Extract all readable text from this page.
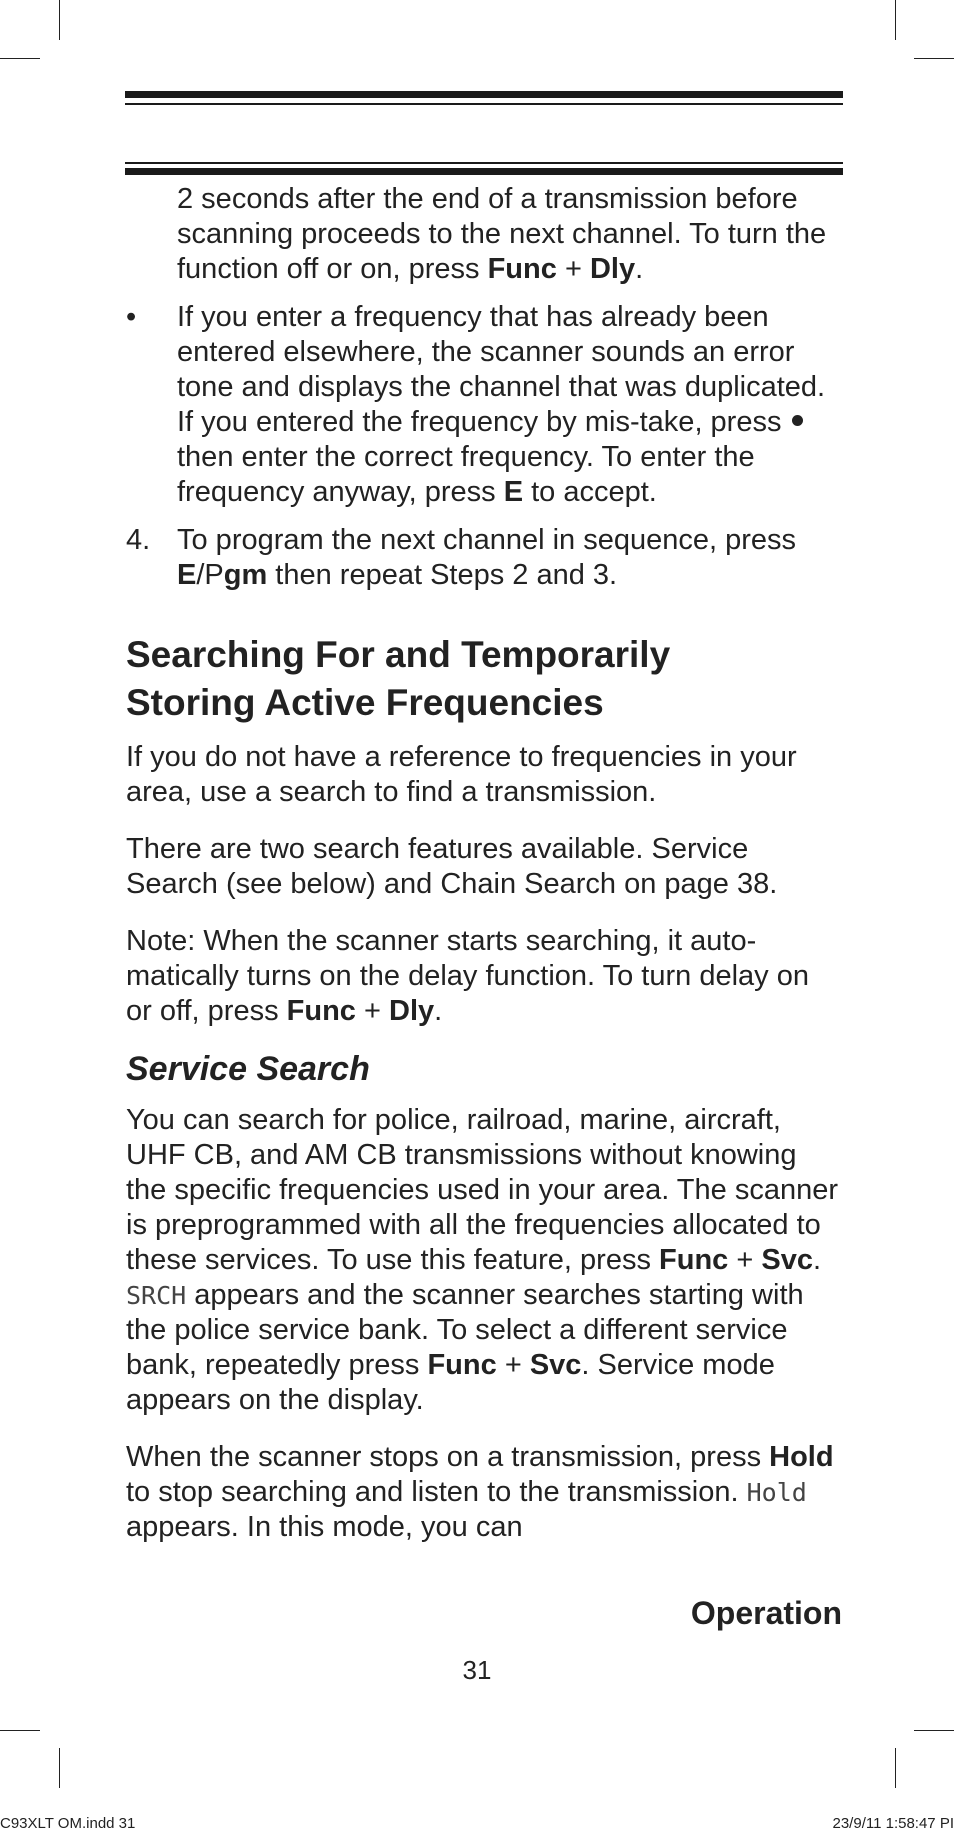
2 seconds after the end of a transmission before scanning proceeds to the next channel. To turn the function off or on, press Func + Dly.

• If you enter a frequency that has already been entered elsewhere, the scanner sounds an error tone and displays the channel that was duplicated. If you entered the frequency by mis-take, press  then enter the correct frequency. To enter the frequency anyway, press E to accept.

4. To program the next channel in sequence, press E/Pgm then repeat Steps 2 and 3.

Searching For and Temporarily
Storing Active Frequencies

If you do not have a reference to frequencies in your area, use a search to find a transmission.

There are two search features available. Service Search (see below) and Chain Search on page 38.

Note: When the scanner starts searching, it auto-matically turns on the delay function. To turn delay on or off, press Func + Dly.

Service Search

You can search for police, railroad, marine, aircraft, UHF CB, and AM CB transmissions without knowing the specific frequencies used in your area. The scanner is preprogrammed with all the frequencies allocated to these services. To use this feature, press Func + Svc. SRCH appears and the scanner searches starting with the police service bank. To select a different service bank, repeatedly press Func + Svc. Service mode appears on the display.

When the scanner stops on a transmission, press Hold to stop searching and listen to the transmission. Hold appears. In this mode, you can

Operation
31
C93XLT OM.indd 31	23/9/11 1:58:47 PI
